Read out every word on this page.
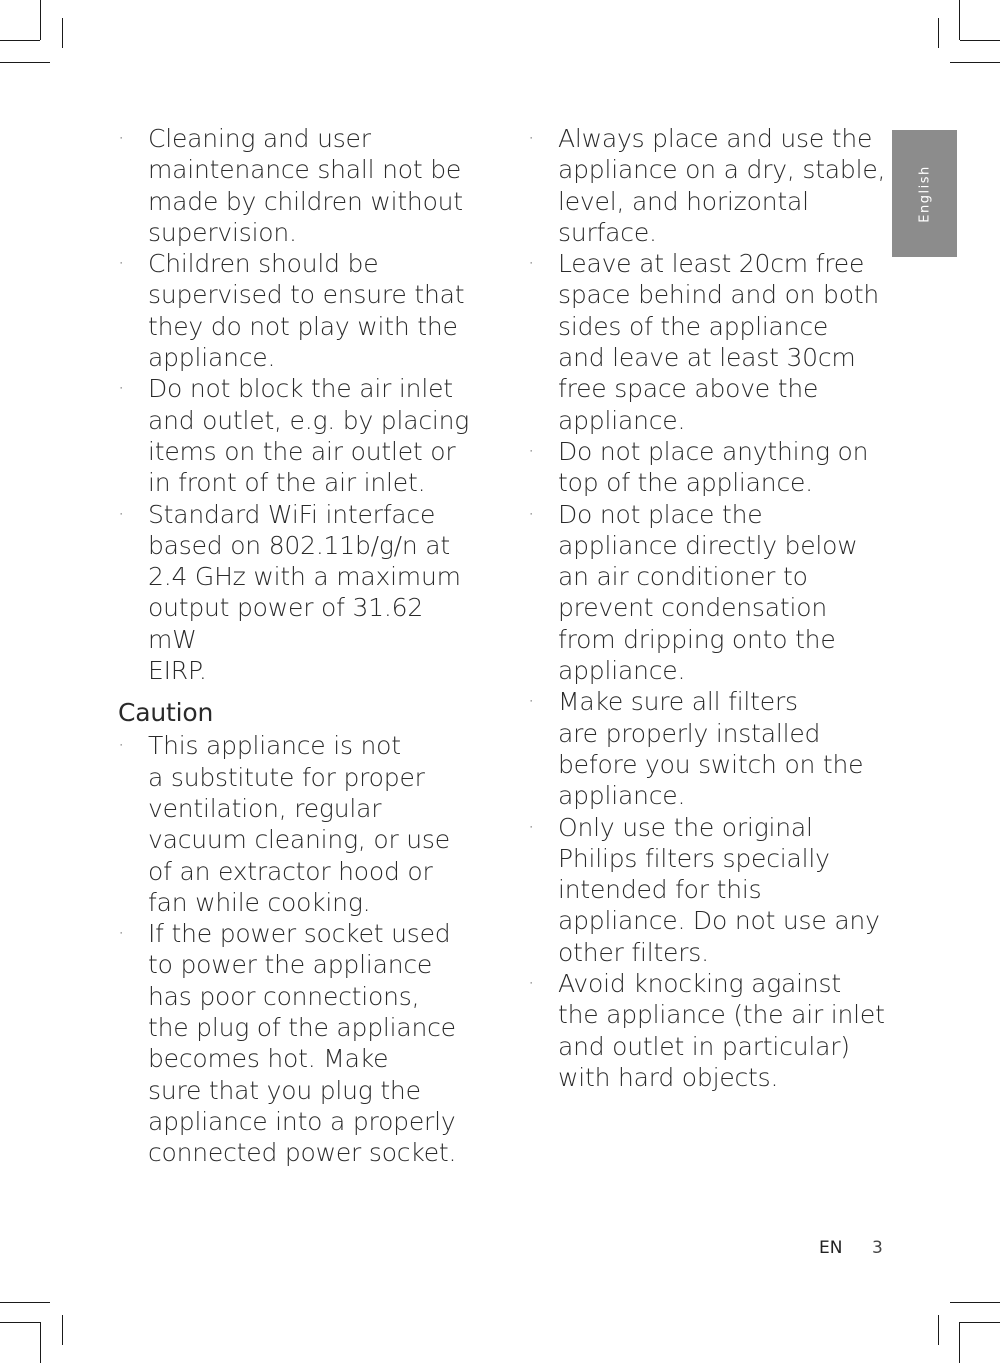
· Cleaning and user
maintenance shall not be
made by children without
supervision.
· Children should be
supervised to ensure that
they do not play with the
appliance.
· Do not block the air inlet
and outlet, e.g. by placing
items on the air outlet or
in front of the air inlet.
· Standard WiFi interface
based on 802.11b/g/n at
2.4 GHz with a maximum
output power of 31.62 mW
EIRP.
Caution
· This appliance is not
a substitute for proper
ventilation, regular
vacuum cleaning, or use
of an extractor hood or
fan while cooking.
· If the power socket used
to power the appliance
has poor connections,
the plug of the appliance
becomes hot. Make
sure that you plug the
appliance into a properly
connected power socket.
· Always place and use the
appliance on a dry, stable,
level, and horizontal
surface.
· Leave at least 20cm free
space behind and on both
sides of the appliance
and leave at least 30cm
free space above the
appliance.
· Do not place anything on
top of the appliance.
· Do not place the
appliance directly below
an air conditioner to
prevent condensation
from dripping onto the
appliance.
· Make sure all filters
are properly installed
before you switch on the
appliance.
· Only use the original
Philips filters specially
intended for this
appliance. Do not use any
other filters.
· Avoid knocking against
the appliance (the air inlet
and outlet in particular)
with hard objects.
English
EN 3
